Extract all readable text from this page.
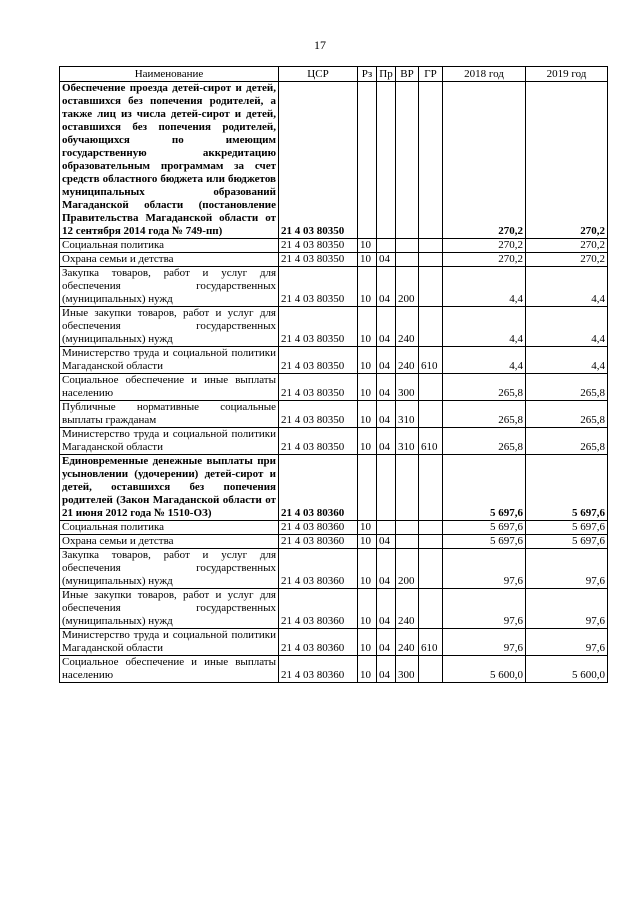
17
Наименование	ЦСР	Рз	Пр	ВР	ГР	2018 год	2019 год
Обеспечение проезда детей-сирот и детей, оставшихся без попечения родителей, а также лиц из числа детей-сирот и детей, оставшихся без попечения родителей, обучающихся по имеющим государственную аккредитацию образовательным программам за счет средств областного бюджета или бюджетов муниципальных образований Магаданской области (постановление Правительства Магаданской области от 12 сентября 2014 года № 749-пп)	21 4 03 80350					270,2	270,2
Социальная политика	21 4 03 80350	10				270,2	270,2
Охрана семьи и детства	21 4 03 80350	10	04			270,2	270,2
Закупка товаров, работ и услуг для обеспечения государственных (муниципальных) нужд	21 4 03 80350	10	04	200		4,4	4,4
Иные закупки товаров, работ и услуг для обеспечения государственных (муниципальных) нужд	21 4 03 80350	10	04	240		4,4	4,4
Министерство труда и социальной политики Магаданской области	21 4 03 80350	10	04	240	610	4,4	4,4
Социальное обеспечение и иные выплаты населению	21 4 03 80350	10	04	300		265,8	265,8
Публичные нормативные социальные выплаты гражданам	21 4 03 80350	10	04	310		265,8	265,8
Министерство труда и социальной политики Магаданской области	21 4 03 80350	10	04	310	610	265,8	265,8
Единовременные денежные выплаты при усыновлении (удочерении) детей-сирот и детей, оставшихся без попечения родителей (Закон Магаданской области от 21 июня 2012 года № 1510-ОЗ)	21 4 03 80360					5 697,6	5 697,6
Социальная политика	21 4 03 80360	10				5 697,6	5 697,6
Охрана семьи и детства	21 4 03 80360	10	04			5 697,6	5 697,6
Закупка товаров, работ и услуг для обеспечения государственных (муниципальных) нужд	21 4 03 80360	10	04	200		97,6	97,6
Иные закупки товаров, работ и услуг для обеспечения государственных (муниципальных) нужд	21 4 03 80360	10	04	240		97,6	97,6
Министерство труда и социальной политики Магаданской области	21 4 03 80360	10	04	240	610	97,6	97,6
Социальное обеспечение и иные выплаты населению	21 4 03 80360	10	04	300		5 600,0	5 600,0
